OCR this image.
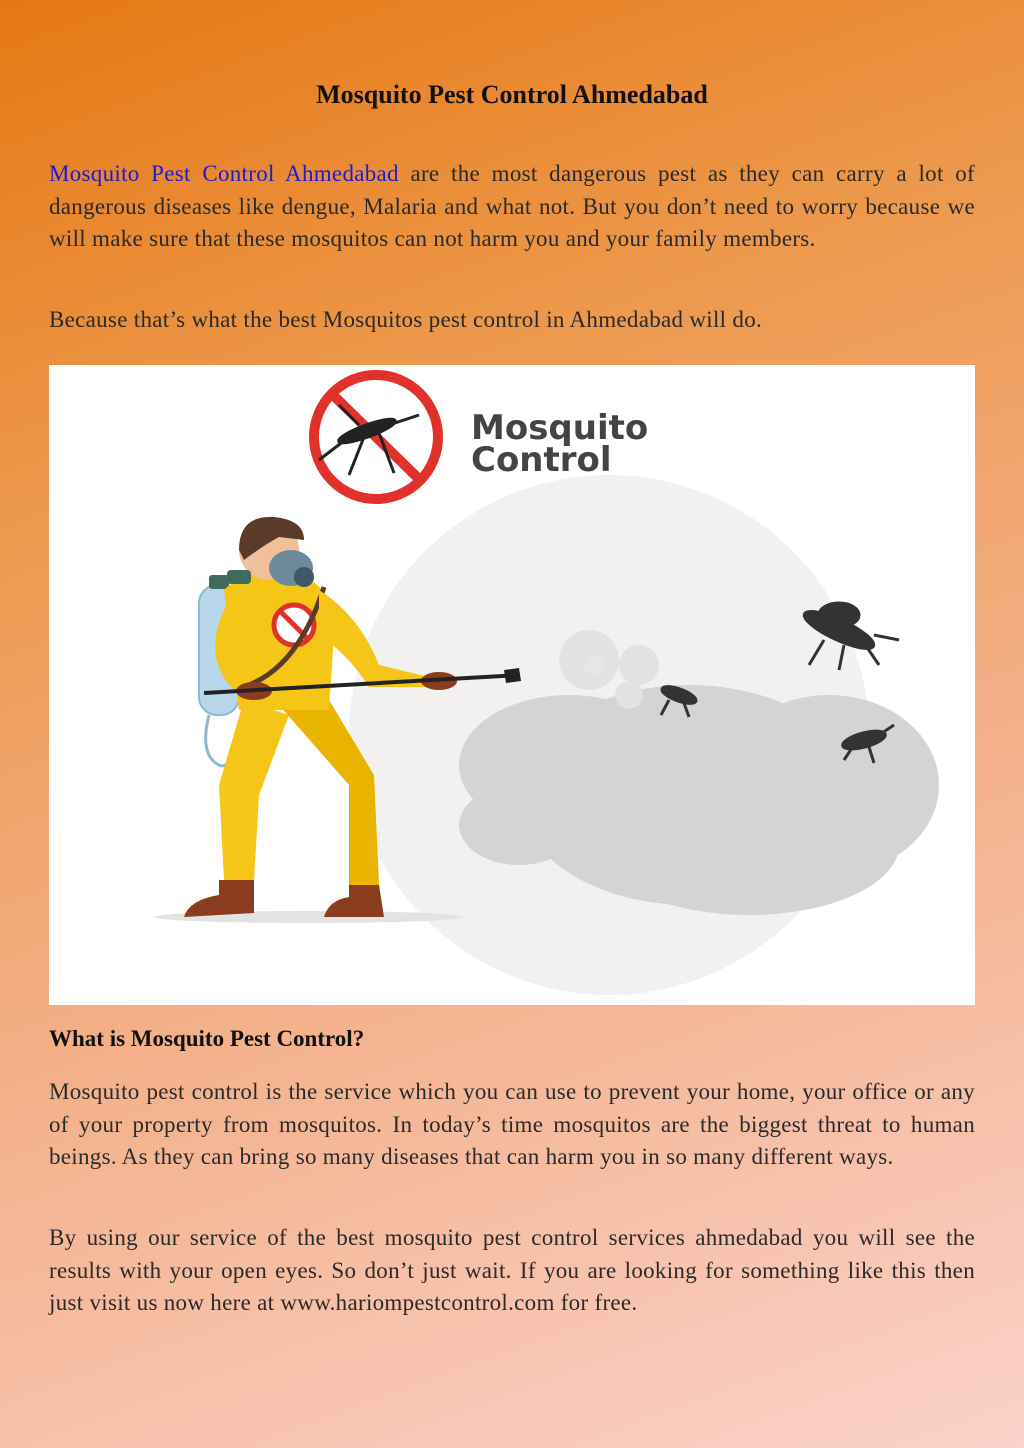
Mosquito Pest Control Ahmedabad

Mosquito Pest Control Ahmedabad are the most dangerous pest as they can carry a lot of dangerous diseases like dengue, Malaria and what not. But you don’t need to worry because we will make sure that these mosquitos can not harm you and your family members.

Because that’s what the best Mosquitos pest control in Ahmedabad will do.

Mosquito
Control
What is Mosquito Pest Control?

Mosquito pest control is the service which you can use to prevent your home, your office or any of your property from mosquitos. In today’s time mosquitos are the biggest threat to human beings. As they can bring so many diseases that can harm you in so many different ways.

By using our service of the best mosquito pest control services ahmedabad you will see the results with your open eyes. So don’t just wait. If you are looking for something like this then just visit us now here at www.hariompestcontrol.com for free.
